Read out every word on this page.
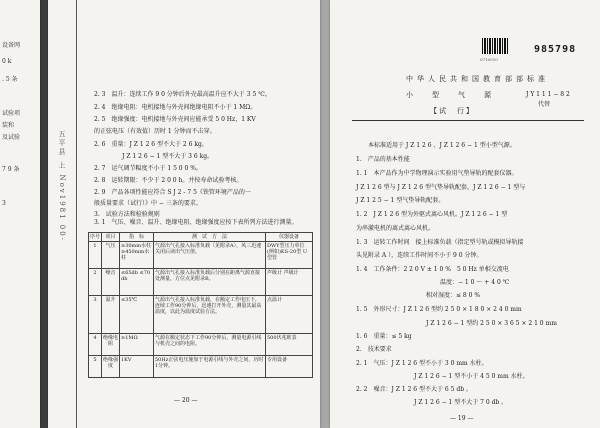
设备网
0 k
. 5 条
试验项
装和
及试验
7 9 条
3	五平县 上 Nov1981 00·
2. 3　温升：连续工作 9 0 分钟后外壳最高温升应不大于 3 5 ℃。
2. 4　绝缘电阻：电机接地与外壳间绝缘电阻不小于 1 MΩ。
2. 5　绝缘强度：电机接地与外壳间应能承受 5 0 Hz，1 KV
的正弦电压（有效值）历时 1 分钟而不击穿。
2. 6　重量：J Z 1 2 6 型不大于 2 6 kg，
J Z 1 2 6 − 1 型不大于 3 6 kg。
2. 7　运气调节幅度不小于 1 5 0 0 %。
2. 8　运转期限：不少于 2 0 0 h。并按寿命试验考核。
2. 9　产品各项性能应符合 S J 2 - 7 5《铁管环境产品的一
般质量要求（试行）》中 − 三条的要求。
3.　试验方法和检验规则
3. 1　气压、噪音、温升、绝缘电阻、绝缘强度应按下表所列方法进行测量。
序号	项目	指　标	测　试　方　法	仪器设备
1	气压	≥30mm水柱 ≥450mm水柱	气源出气孔接入标准负载（见附录A），风三迅速关闭后读出气压值。	DWY型压力单位(例如)KS-20型 U型管
2	噪音	≤65db ≤70db	气源出气孔接入标准负载后分别在距离气源直接处测量，方位点见附录B。	声级计 声级计
3	温升	≤35℃	气源出气孔接入标准负载，在额定工作电压下，连续工作90分钟后，迅速打开外壳，测量其最高温度，以此为温度试验方法。	点温计
4	绝缘电阻	≥1MΩ	气源在额定状态下工作90分钟后，测量电源引线与机壳之间的电阻。	500伏兆欧表
5	绝缘强度	1KV	50Hz正弦电压施加于电源引线与外壳之间，历时1分钟。	专用设备
— 20 —
0710010
985798
中华人民共和国教育部部标准
小　型　气　源	J Y 1 1 1 − 8 2
代替
【试　行】
本标准适用于 J Z 1 2 6 、J Z 1 2 6 − 1 型小型气源。
1.　产品的基本性能
1. 1　本产品作为中学物理演示实验用气垫导轨的配套仪器。
J Z 1 2 6 型与 J Z 1 2 6 型气垫导轨配套，J Z 1 2 6 − 1 型与
J Z 1 2 5 − 1 型气垫导轨配套。
1. 2　J Z 1 2 6 型为外驱式离心风机。J Z 1 2 6 − 1 型
为串激电机的离式离心风机。
1. 3　运转工作时间　接上标准负载（指定型号轨或模拟导轨接
头见附录 A ），连续工作时间不小于 9 0 分钟。
1. 4　工作条件：2 2 0 V ± 1 0 %　5 0 Hz 单相交流电
温度：− 1 0 ～ + 4 0 ℃
相对湿度：≤ 8 0 %
1. 5　外形尺寸：J Z 1 2 6 型约 2 5 0 × 1 8 0 × 2 4 0 mm
J Z 1 2 6 − 1 型约 2 5 0 × 3 6 5 × 2 1 0 mm
1. 6　重量：≤ 5 kg
2.　技术要求
2. 1　气压：J Z 1 2 6 型不小于 3 0 mm 水柱。
J Z 1 2 6 − 1 型不小于 4 5 0 mm 水柱。
2. 2　噪音：J Z 1 2 6 型不大于 6 5 db 。
J Z 1 2 6 − 1 型不大于 7 0 db 。
— 19 —
